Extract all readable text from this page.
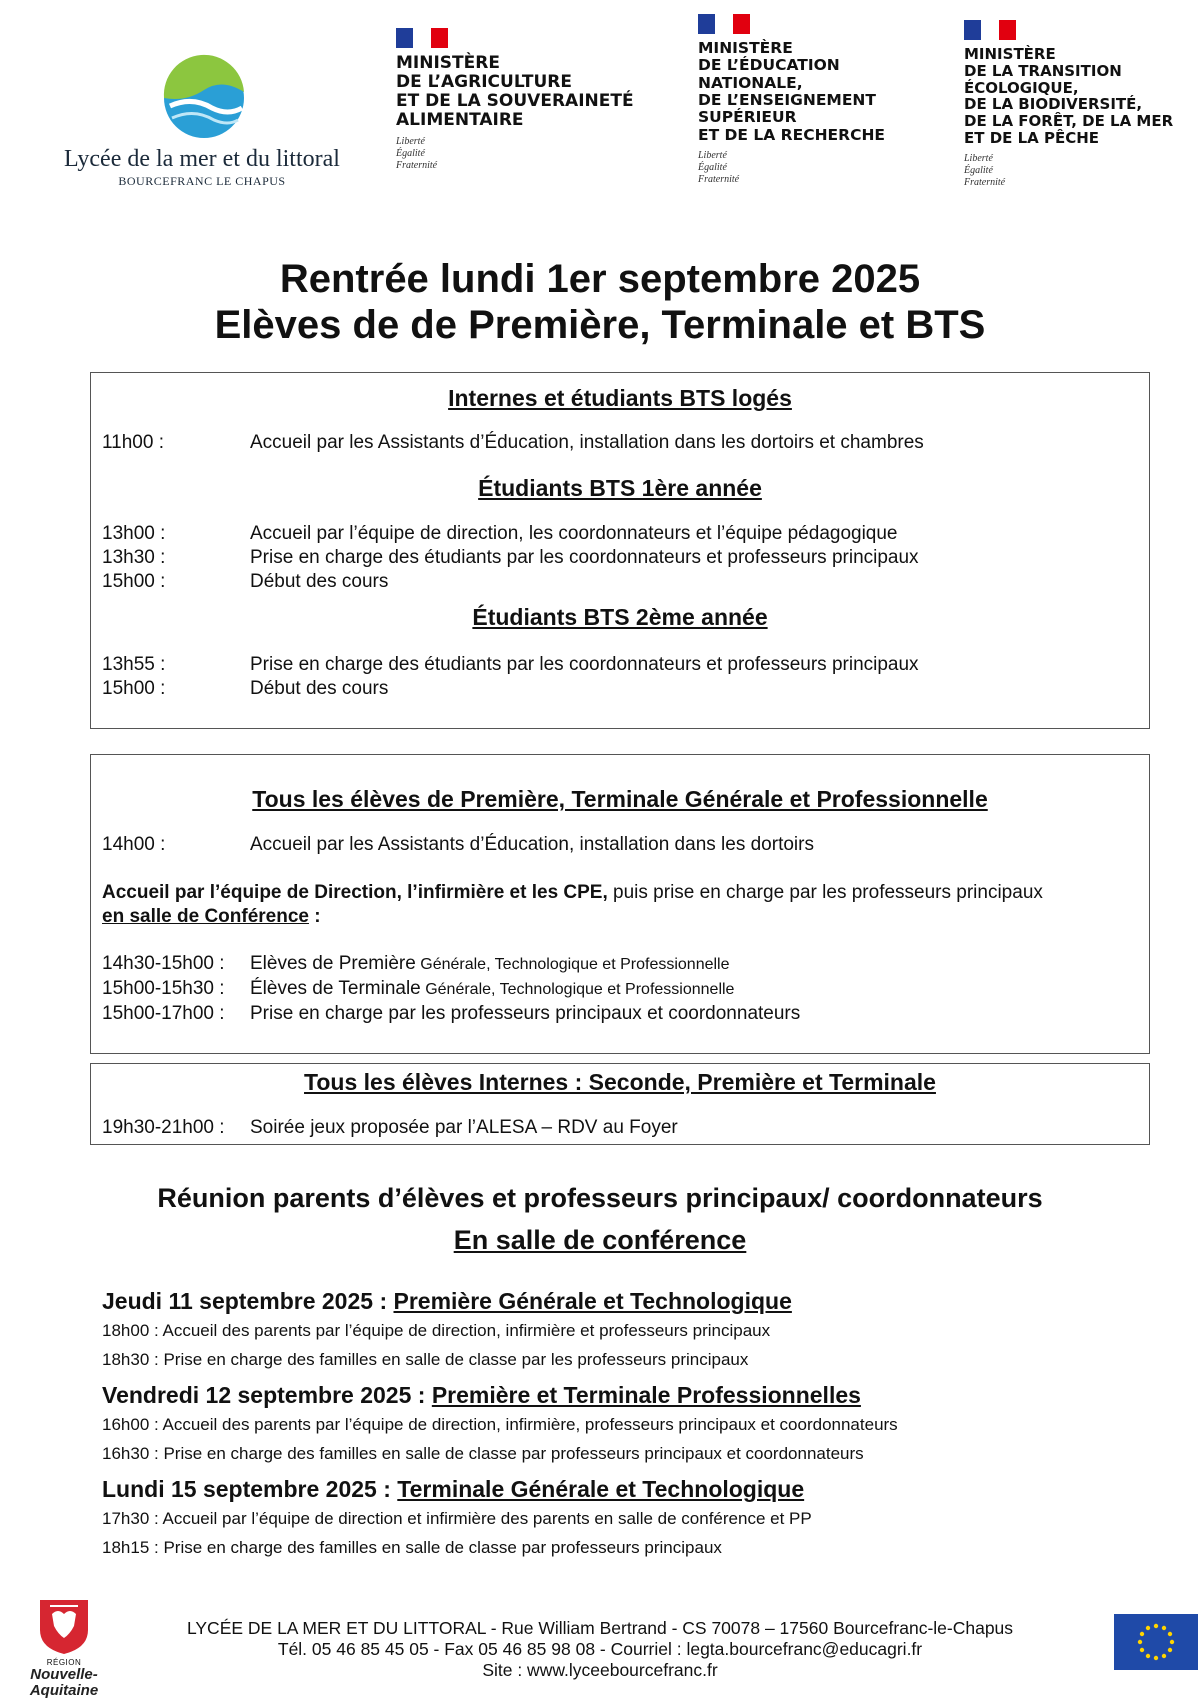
Lycée de la mer et du littoral
BOURCEFRANC LE CHAPUS
MINISTÈRE
DE L’AGRICULTURE
ET DE LA SOUVERAINETÉ
ALIMENTAIRE
Liberté
Égalité
Fraternité
MINISTÈRE
DE L’ÉDUCATION
NATIONALE,
DE L’ENSEIGNEMENT
SUPÉRIEUR
ET DE LA RECHERCHE
Liberté
Égalité
Fraternité
MINISTÈRE
DE LA TRANSITION
ÉCOLOGIQUE,
DE LA BIODIVERSITÉ,
DE LA FORÊT, DE LA MER
ET DE LA PÊCHE
Liberté
Égalité
Fraternité
Rentrée lundi 1er septembre 2025
Elèves de de Première, Terminale et BTS
Internes et étudiants BTS logés
11h00 :	Accueil par les Assistants d’Éducation, installation dans les dortoirs et chambres
Étudiants BTS 1ère année
13h00 :	Accueil par l’équipe de direction, les coordonnateurs et l’équipe pédagogique
13h30 :	Prise en charge des étudiants par les coordonnateurs et professeurs principaux
15h00 :	Début des cours
Étudiants BTS 2ème année
13h55 :	Prise en charge des étudiants par les coordonnateurs et professeurs principaux
15h00 :	Début des cours
Tous les élèves de Première, Terminale Générale et Professionnelle
14h00 :	Accueil par les Assistants d’Éducation, installation dans les dortoirs
Accueil par l’équipe de Direction, l’infirmière et les CPE, puis prise en charge par les professeurs principaux
en salle de Conférence :
14h30-15h00 :	Elèves de Première Générale, Technologique et Professionnelle
15h00-15h30 :	Élèves de Terminale Générale, Technologique et Professionnelle
15h00-17h00 :	Prise en charge par les professeurs principaux et coordonnateurs
Tous les élèves Internes : Seconde, Première et Terminale
19h30-21h00 :	Soirée jeux proposée par l’ALESA – RDV au Foyer
Réunion parents d’élèves et professeurs principaux/ coordonnateurs
En salle de conférence
Jeudi 11 septembre 2025 : Première Générale et Technologique
18h00 : Accueil des parents par l’équipe de direction, infirmière et professeurs principaux
18h30 : Prise en charge des familles en salle de classe par les professeurs principaux
Vendredi 12 septembre 2025 : Première et Terminale Professionnelles
16h00 : Accueil des parents par l’équipe de direction, infirmière, professeurs principaux et coordonnateurs
16h30 : Prise en charge des familles en salle de classe par professeurs principaux et coordonnateurs
Lundi 15 septembre 2025 : Terminale Générale et Technologique
17h30 : Accueil par l’équipe de direction et infirmière des parents en salle de conférence et PP
18h15 : Prise en charge des familles en salle de classe par professeurs principaux
RÉGION
Nouvelle-
Aquitaine
LYCÉE DE LA MER ET DU LITTORAL - Rue William Bertrand - CS 70078 – 17560 Bourcefranc-le-Chapus
Tél. 05 46 85 45 05 - Fax 05 46 85 98 08 - Courriel : legta.bourcefranc@educagri.fr
Site : www.lyceebourcefranc.fr
